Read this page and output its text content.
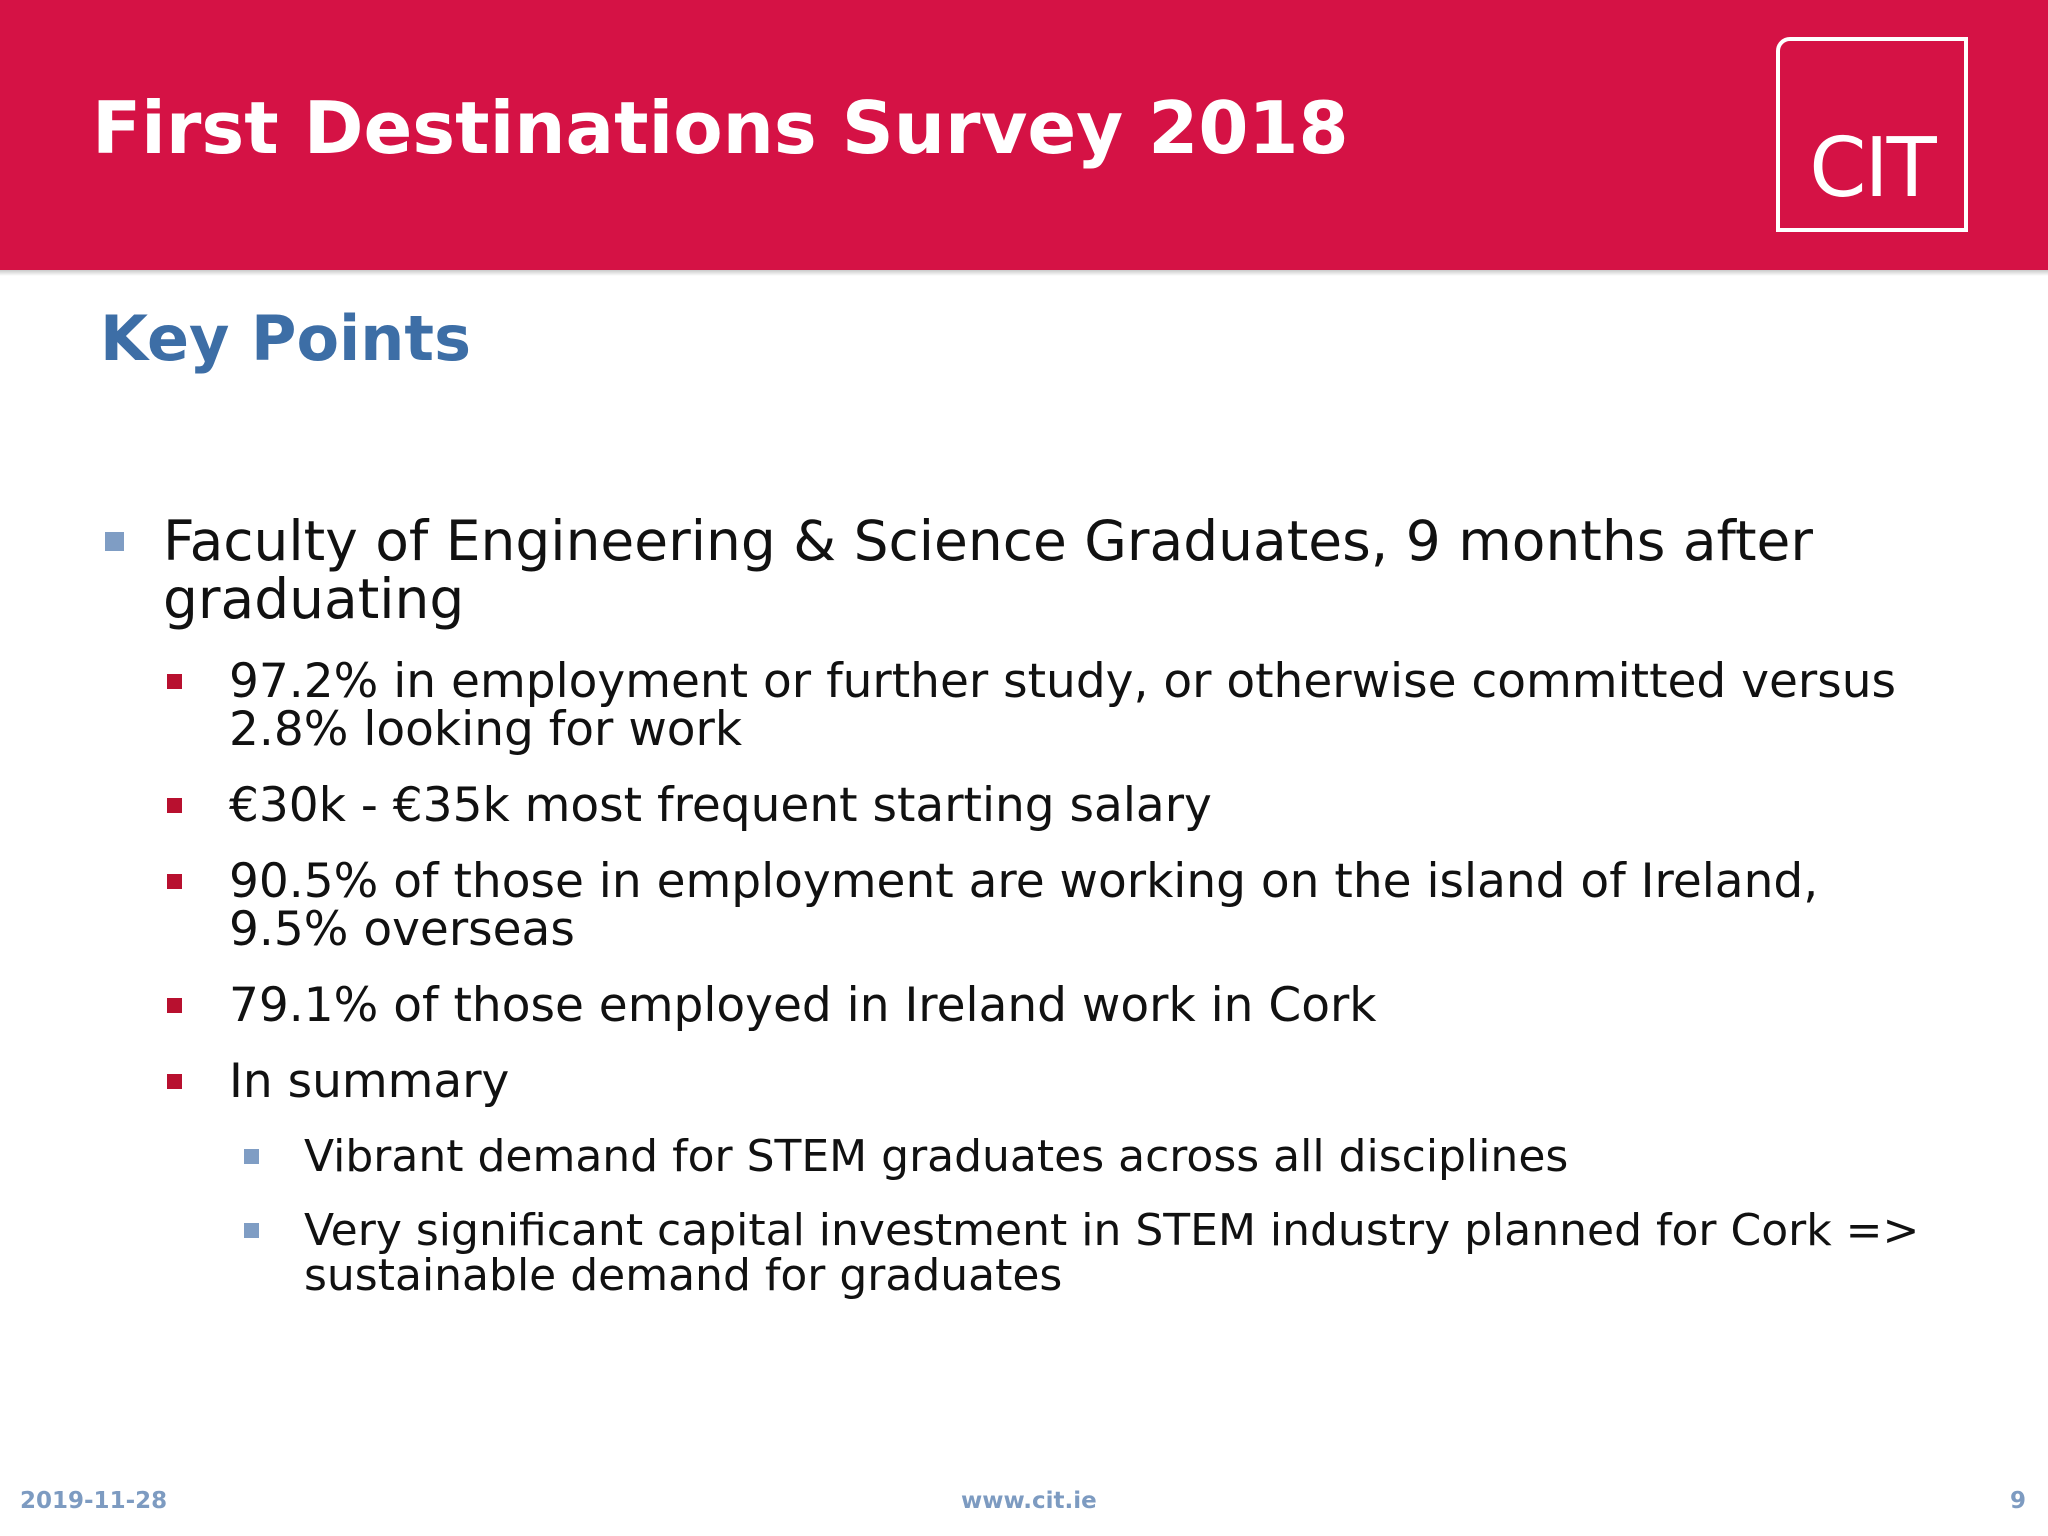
First Destinations Survey 2018	CIT
Key Points
Faculty of Engineering & Science Graduates, 9 months after graduating
97.2% in employment or further study, or otherwise committed versus 2.8% looking for work
€30k - €35k most frequent starting salary
90.5% of those in employment are working on the island of Ireland, 9.5% overseas
79.1% of those employed in Ireland work in Cork
In summary
Vibrant demand for STEM graduates across all disciplines
Very significant capital investment in STEM industry planned for Cork => sustainable demand for graduates
2019-11-28	www.cit.ie	9
